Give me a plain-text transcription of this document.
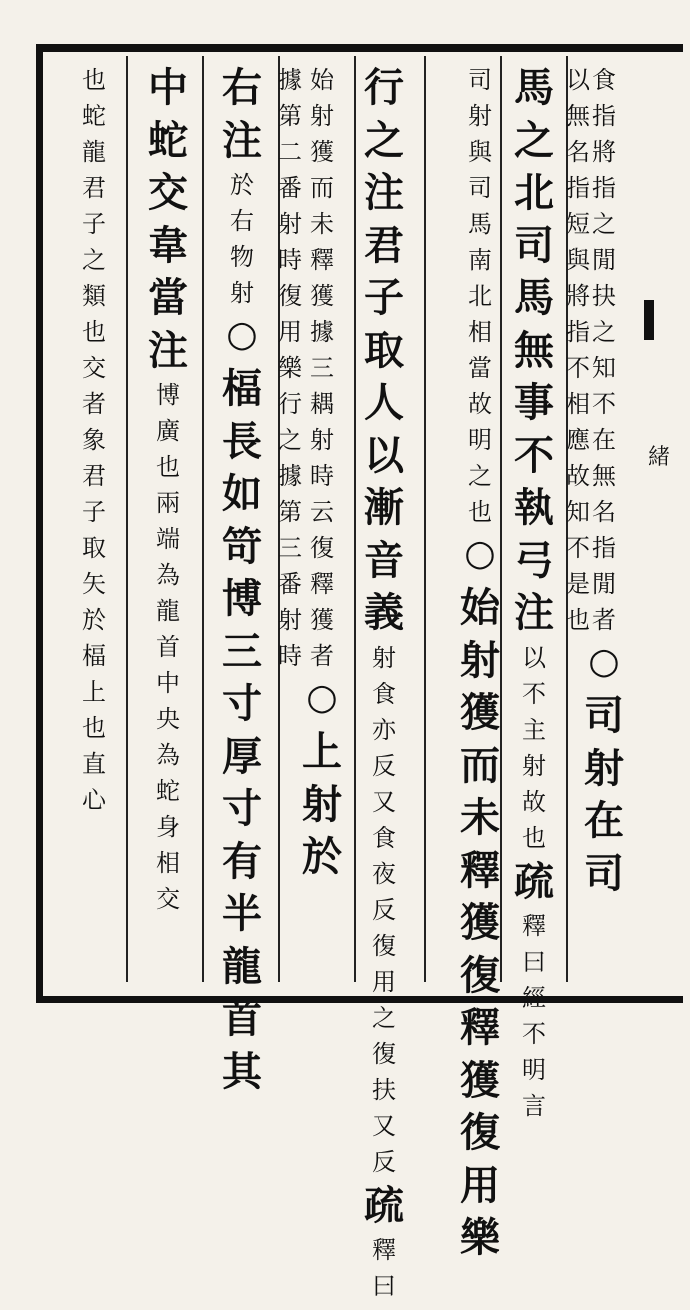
緒
食
指
將
指
之
閒
抉
之
知
不
在
無
名
指
閒
者
○
司
射
在
司
以
無
名
指
短
與
將
指
不
相
應
故
知
不
是
也
馬
之
北
司
馬
無
事
不
執
弓
注
以
不
主
射
故
也
疏
釋
曰
經
不
明
言
司
射
與
司
馬
南
北
相
當
故
明
之
也
○
始
射
獲
而
未
釋
獲
復
釋
獲
復
用
樂
行
之
注
君
子
取
人
以
漸
音
義
射
食
亦
反
又
食
夜
反
復
用
之
復
扶
又
反
疏
釋
曰
始
射
獲
而
未
釋
獲
據
三
耦
射
時
云
復
釋
獲
者
○
上
射
於
據
第
二
番
射
時
復
用
樂
行
之
據
第
三
番
射
時
右
注
於
右
物
射
○
楅
長
如
笴
博
三
寸
厚
寸
有
半
龍
首
其
中
蛇
交
韋
當
注
博
廣
也
兩
端
為
龍
首
中
央
為
蛇
身
相
交
也
蛇
龍
君
子
之
類
也
交
者
象
君
子
取
矢
於
楅
上
也
直
心
